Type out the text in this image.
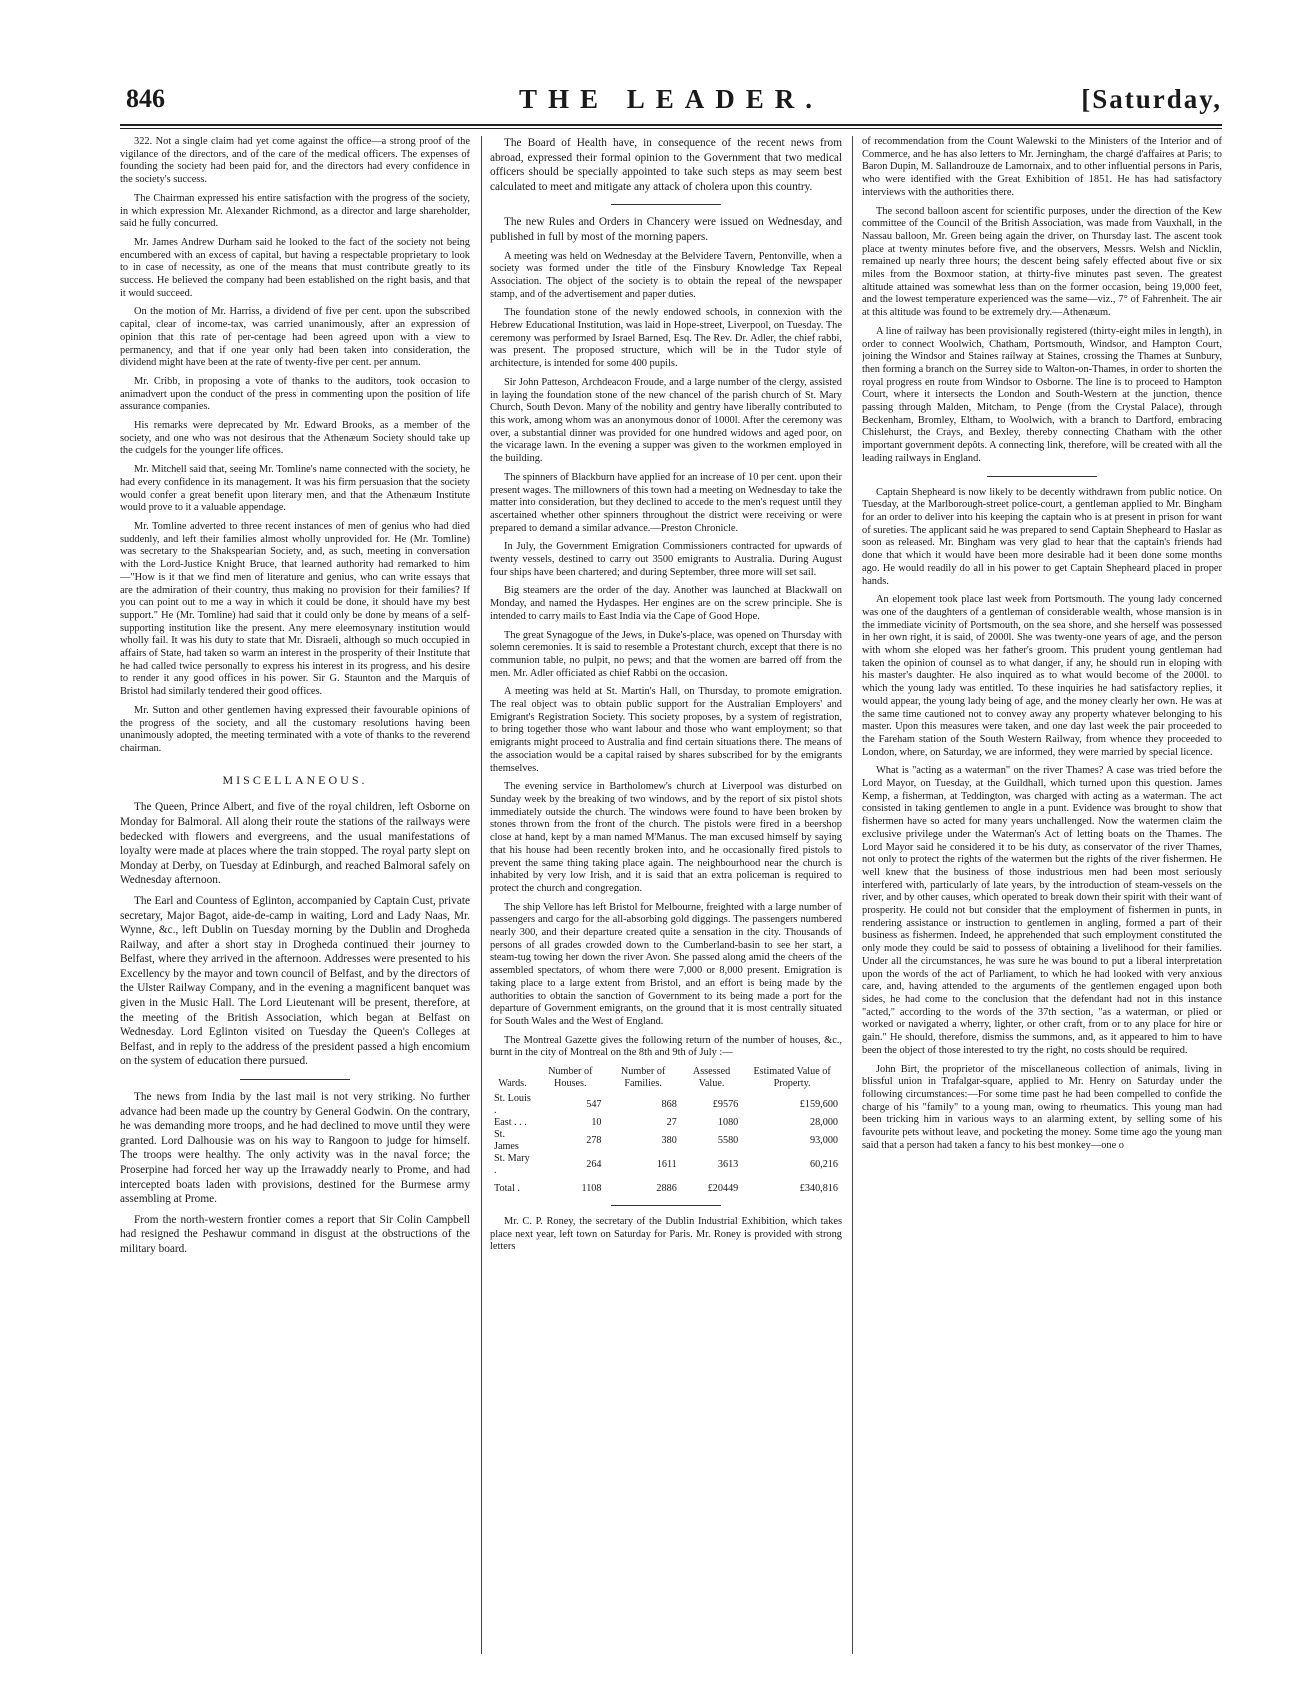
846	THE LEADER.	[Saturday,

322. Not a single claim had yet come against the office—a strong proof of the vigilance of the directors, and of the care of the medical officers. The expenses of founding the society had been paid for, and the directors had every confidence in the society's success.

The Chairman expressed his entire satisfaction with the progress of the society, in which expression Mr. Alexander Richmond, as a director and large shareholder, said he fully concurred.

Mr. James Andrew Durham said he looked to the fact of the society not being encumbered with an excess of capital, but having a respectable proprietary to look to in case of necessity, as one of the means that must contribute greatly to its success. He believed the company had been established on the right basis, and that it would succeed.

On the motion of Mr. Harriss, a dividend of five per cent. upon the subscribed capital, clear of income-tax, was carried unanimously, after an expression of opinion that this rate of per-centage had been agreed upon with a view to permanency, and that if one year only had been taken into consideration, the dividend might have been at the rate of twenty-five per cent. per annum.

Mr. Cribb, in proposing a vote of thanks to the auditors, took occasion to animadvert upon the conduct of the press in commenting upon the position of life assurance companies.

His remarks were deprecated by Mr. Edward Brooks, as a member of the society, and one who was not desirous that the Athenæum Society should take up the cudgels for the younger life offices.

Mr. Mitchell said that, seeing Mr. Tomline's name connected with the society, he had every confidence in its management. It was his firm persuasion that the society would confer a great benefit upon literary men, and that the Athenæum Institute would prove to it a valuable appendage.

Mr. Tomline adverted to three recent instances of men of genius who had died suddenly, and left their families almost wholly unprovided for. He (Mr. Tomline) was secretary to the Shakspearian Society, and, as such, meeting in conversation with the Lord-Justice Knight Bruce, that learned authority had remarked to him—"How is it that we find men of literature and genius, who can write essays that are the admiration of their country, thus making no provision for their families? If you can point out to me a way in which it could be done, it should have my best support." He (Mr. Tomline) had said that it could only be done by means of a self-supporting institution like the present. Any mere eleemosynary institution would wholly fail. It was his duty to state that Mr. Disraeli, although so much occupied in affairs of State, had taken so warm an interest in the prosperity of their Institute that he had called twice personally to express his interest in its progress, and his desire to render it any good offices in his power. Sir G. Staunton and the Marquis of Bristol had similarly tendered their good offices.

Mr. Sutton and other gentlemen having expressed their favourable opinions of the progress of the society, and all the customary resolutions having been unanimously adopted, the meeting terminated with a vote of thanks to the reverend chairman.

MISCELLANEOUS.

The Queen, Prince Albert, and five of the royal children, left Osborne on Monday for Balmoral. All along their route the stations of the railways were bedecked with flowers and evergreens, and the usual manifestations of loyalty were made at places where the train stopped. The royal party slept on Monday at Derby, on Tuesday at Edinburgh, and reached Balmoral safely on Wednesday afternoon.

The Earl and Countess of Eglinton, accompanied by Captain Cust, private secretary, Major Bagot, aide-de-camp in waiting, Lord and Lady Naas, Mr. Wynne, &c., left Dublin on Tuesday morning by the Dublin and Drogheda Railway, and after a short stay in Drogheda continued their journey to Belfast, where they arrived in the afternoon. Addresses were presented to his Excellency by the mayor and town council of Belfast, and by the directors of the Ulster Railway Company, and in the evening a magnificent banquet was given in the Music Hall. The Lord Lieutenant will be present, therefore, at the meeting of the British Association, which began at Belfast on Wednesday. Lord Eglinton visited on Tuesday the Queen's Colleges at Belfast, and in reply to the address of the president passed a high encomium on the system of education there pursued.

The news from India by the last mail is not very striking. No further advance had been made up the country by General Godwin. On the contrary, he was demanding more troops, and he had declined to move until they were granted. Lord Dalhousie was on his way to Rangoon to judge for himself. The troops were healthy. The only activity was in the naval force; the Proserpine had forced her way up the Irrawaddy nearly to Prome, and had intercepted boats laden with provisions, destined for the Burmese army assembling at Prome.

From the north-western frontier comes a report that Sir Colin Campbell had resigned the Peshawur command in disgust at the obstructions of the military board.

The Board of Health have, in consequence of the recent news from abroad, expressed their formal opinion to the Government that two medical officers should be specially appointed to take such steps as may seem best calculated to meet and mitigate any attack of cholera upon this country.

The new Rules and Orders in Chancery were issued on Wednesday, and published in full by most of the morning papers.

A meeting was held on Wednesday at the Belvidere Tavern, Pentonville, when a society was formed under the title of the Finsbury Knowledge Tax Repeal Association. The object of the society is to obtain the repeal of the newspaper stamp, and of the advertisement and paper duties.

The foundation stone of the newly endowed schools, in connexion with the Hebrew Educational Institution, was laid in Hope-street, Liverpool, on Tuesday. The ceremony was performed by Israel Barned, Esq. The Rev. Dr. Adler, the chief rabbi, was present. The proposed structure, which will be in the Tudor style of architecture, is intended for some 400 pupils.

Sir John Patteson, Archdeacon Froude, and a large number of the clergy, assisted in laying the foundation stone of the new chancel of the parish church of St. Mary Church, South Devon. Many of the nobility and gentry have liberally contributed to this work, among whom was an anonymous donor of 1000l. After the ceremony was over, a substantial dinner was provided for one hundred widows and aged poor, on the vicarage lawn. In the evening a supper was given to the workmen employed in the building.

The spinners of Blackburn have applied for an increase of 10 per cent. upon their present wages. The millowners of this town had a meeting on Wednesday to take the matter into consideration, but they declined to accede to the men's request until they ascertained whether other spinners throughout the district were receiving or were prepared to demand a similar advance.—Preston Chronicle.

In July, the Government Emigration Commissioners contracted for upwards of twenty vessels, destined to carry out 3500 emigrants to Australia. During August four ships have been chartered; and during September, three more will set sail.

Big steamers are the order of the day. Another was launched at Blackwall on Monday, and named the Hydaspes. Her engines are on the screw principle. She is intended to carry mails to East India via the Cape of Good Hope.

The great Synagogue of the Jews, in Duke's-place, was opened on Thursday with solemn ceremonies. It is said to resemble a Protestant church, except that there is no communion table, no pulpit, no pews; and that the women are barred off from the men. Mr. Adler officiated as chief Rabbi on the occasion.

A meeting was held at St. Martin's Hall, on Thursday, to promote emigration. The real object was to obtain public support for the Australian Employers' and Emigrant's Registration Society. This society proposes, by a system of registration, to bring together those who want labour and those who want employment; so that emigrants might proceed to Australia and find certain situations there. The means of the association would be a capital raised by shares subscribed for by the emigrants themselves.

The evening service in Bartholomew's church at Liverpool was disturbed on Sunday week by the breaking of two windows, and by the report of six pistol shots immediately outside the church. The windows were found to have been broken by stones thrown from the front of the church. The pistols were fired in a beershop close at hand, kept by a man named M'Manus. The man excused himself by saying that his house had been recently broken into, and he occasionally fired pistols to prevent the same thing taking place again. The neighbourhood near the church is inhabited by very low Irish, and it is said that an extra policeman is required to protect the church and congregation.

The ship Vellore has left Bristol for Melbourne, freighted with a large number of passengers and cargo for the all-absorbing gold diggings. The passengers numbered nearly 300, and their departure created quite a sensation in the city. Thousands of persons of all grades crowded down to the Cumberland-basin to see her start, a steam-tug towing her down the river Avon. She passed along amid the cheers of the assembled spectators, of whom there were 7,000 or 8,000 present. Emigration is taking place to a large extent from Bristol, and an effort is being made by the authorities to obtain the sanction of Government to its being made a port for the departure of Government emigrants, on the ground that it is most centrally situated for South Wales and the West of England.

The Montreal Gazette gives the following return of the number of houses, &c., burnt in the city of Montreal on the 8th and 9th of July :—

Wards.	Number of Houses.	Number of Families.	Assessed Value.	Estimated Value of Property.
St. Louis .	547	868	£9576	£159,600
East . . .	10	27	1080	28,000
St. James	278	380	5580	93,000
St. Mary .	264	1611	3613	60,216
Total .	1108	2886	£20449	£340,816

Mr. C. P. Roney, the secretary of the Dublin Industrial Exhibition, which takes place next year, left town on Saturday for Paris. Mr. Roney is provided with strong letters

of recommendation from the Count Walewski to the Ministers of the Interior and of Commerce, and he has also letters to Mr. Jerningham, the chargé d'affaires at Paris; to Baron Dupin, M. Sallandrouze de Lamornaix, and to other influential persons in Paris, who were identified with the Great Exhibition of 1851. He has had satisfactory interviews with the authorities there.

The second balloon ascent for scientific purposes, under the direction of the Kew committee of the Council of the British Association, was made from Vauxhall, in the Nassau balloon, Mr. Green being again the driver, on Thursday last. The ascent took place at twenty minutes before five, and the observers, Messrs. Welsh and Nicklin, remained up nearly three hours; the descent being safely effected about five or six miles from the Boxmoor station, at thirty-five minutes past seven. The greatest altitude attained was somewhat less than on the former occasion, being 19,000 feet, and the lowest temperature experienced was the same—viz., 7° of Fahrenheit. The air at this altitude was found to be extremely dry.—Athenæum.

A line of railway has been provisionally registered (thirty-eight miles in length), in order to connect Woolwich, Chatham, Portsmouth, Windsor, and Hampton Court, joining the Windsor and Staines railway at Staines, crossing the Thames at Sunbury, then forming a branch on the Surrey side to Walton-on-Thames, in order to shorten the royal progress en route from Windsor to Osborne. The line is to proceed to Hampton Court, where it intersects the London and South-Western at the junction, thence passing through Malden, Mitcham, to Penge (from the Crystal Palace), through Beckenham, Bromley, Eltham, to Woolwich, with a branch to Dartford, embracing Chislehurst, the Crays, and Bexley, thereby connecting Chatham with the other important government depôts. A connecting link, therefore, will be created with all the leading railways in England.

Captain Shepheard is now likely to be decently withdrawn from public notice. On Tuesday, at the Marlborough-street police-court, a gentleman applied to Mr. Bingham for an order to deliver into his keeping the captain who is at present in prison for want of sureties. The applicant said he was prepared to send Captain Shepheard to Haslar as soon as released. Mr. Bingham was very glad to hear that the captain's friends had done that which it would have been more desirable had it been done some months ago. He would readily do all in his power to get Captain Shepheard placed in proper hands.

An elopement took place last week from Portsmouth. The young lady concerned was one of the daughters of a gentleman of considerable wealth, whose mansion is in the immediate vicinity of Portsmouth, on the sea shore, and she herself was possessed in her own right, it is said, of 2000l. She was twenty-one years of age, and the person with whom she eloped was her father's groom. This prudent young gentleman had taken the opinion of counsel as to what danger, if any, he should run in eloping with his master's daughter. He also inquired as to what would become of the 2000l. to which the young lady was entitled. To these inquiries he had satisfactory replies, it would appear, the young lady being of age, and the money clearly her own. He was at the same time cautioned not to convey away any property whatever belonging to his master. Upon this measures were taken, and one day last week the pair proceeded to the Fareham station of the South Western Railway, from whence they proceeded to London, where, on Saturday, we are informed, they were married by special licence.

What is "acting as a waterman" on the river Thames? A case was tried before the Lord Mayor, on Tuesday, at the Guildhall, which turned upon this question. James Kemp, a fisherman, at Teddington, was charged with acting as a waterman. The act consisted in taking gentlemen to angle in a punt. Evidence was brought to show that fishermen have so acted for many years unchallenged. Now the watermen claim the exclusive privilege under the Waterman's Act of letting boats on the Thames. The Lord Mayor said he considered it to be his duty, as conservator of the river Thames, not only to protect the rights of the watermen but the rights of the river fishermen. He well knew that the business of those industrious men had been most seriously interfered with, particularly of late years, by the introduction of steam-vessels on the river, and by other causes, which operated to break down their spirit with their want of prosperity. He could not but consider that the employment of fishermen in punts, in rendering assistance or instruction to gentlemen in angling, formed a part of their business as fishermen. Indeed, he apprehended that such employment constituted the only mode they could be said to possess of obtaining a livelihood for their families. Under all the circumstances, he was sure he was bound to put a liberal interpretation upon the words of the act of Parliament, to which he had looked with very anxious care, and, having attended to the arguments of the gentlemen engaged upon both sides, he had come to the conclusion that the defendant had not in this instance "acted," according to the words of the 37th section, "as a waterman, or plied or worked or navigated a wherry, lighter, or other craft, from or to any place for hire or gain." He should, therefore, dismiss the summons, and, as it appeared to him to have been the object of those interested to try the right, no costs should be required.

John Birt, the proprietor of the miscellaneous collection of animals, living in blissful union in Trafalgar-square, applied to Mr. Henry on Saturday under the following circumstances:—For some time past he had been compelled to confide the charge of his "family" to a young man, owing to rheumatics. This young man had been tricking him in various ways to an alarming extent, by selling some of his favourite pets without leave, and pocketing the money. Some time ago the young man said that a person had taken a fancy to his best monkey—one o
